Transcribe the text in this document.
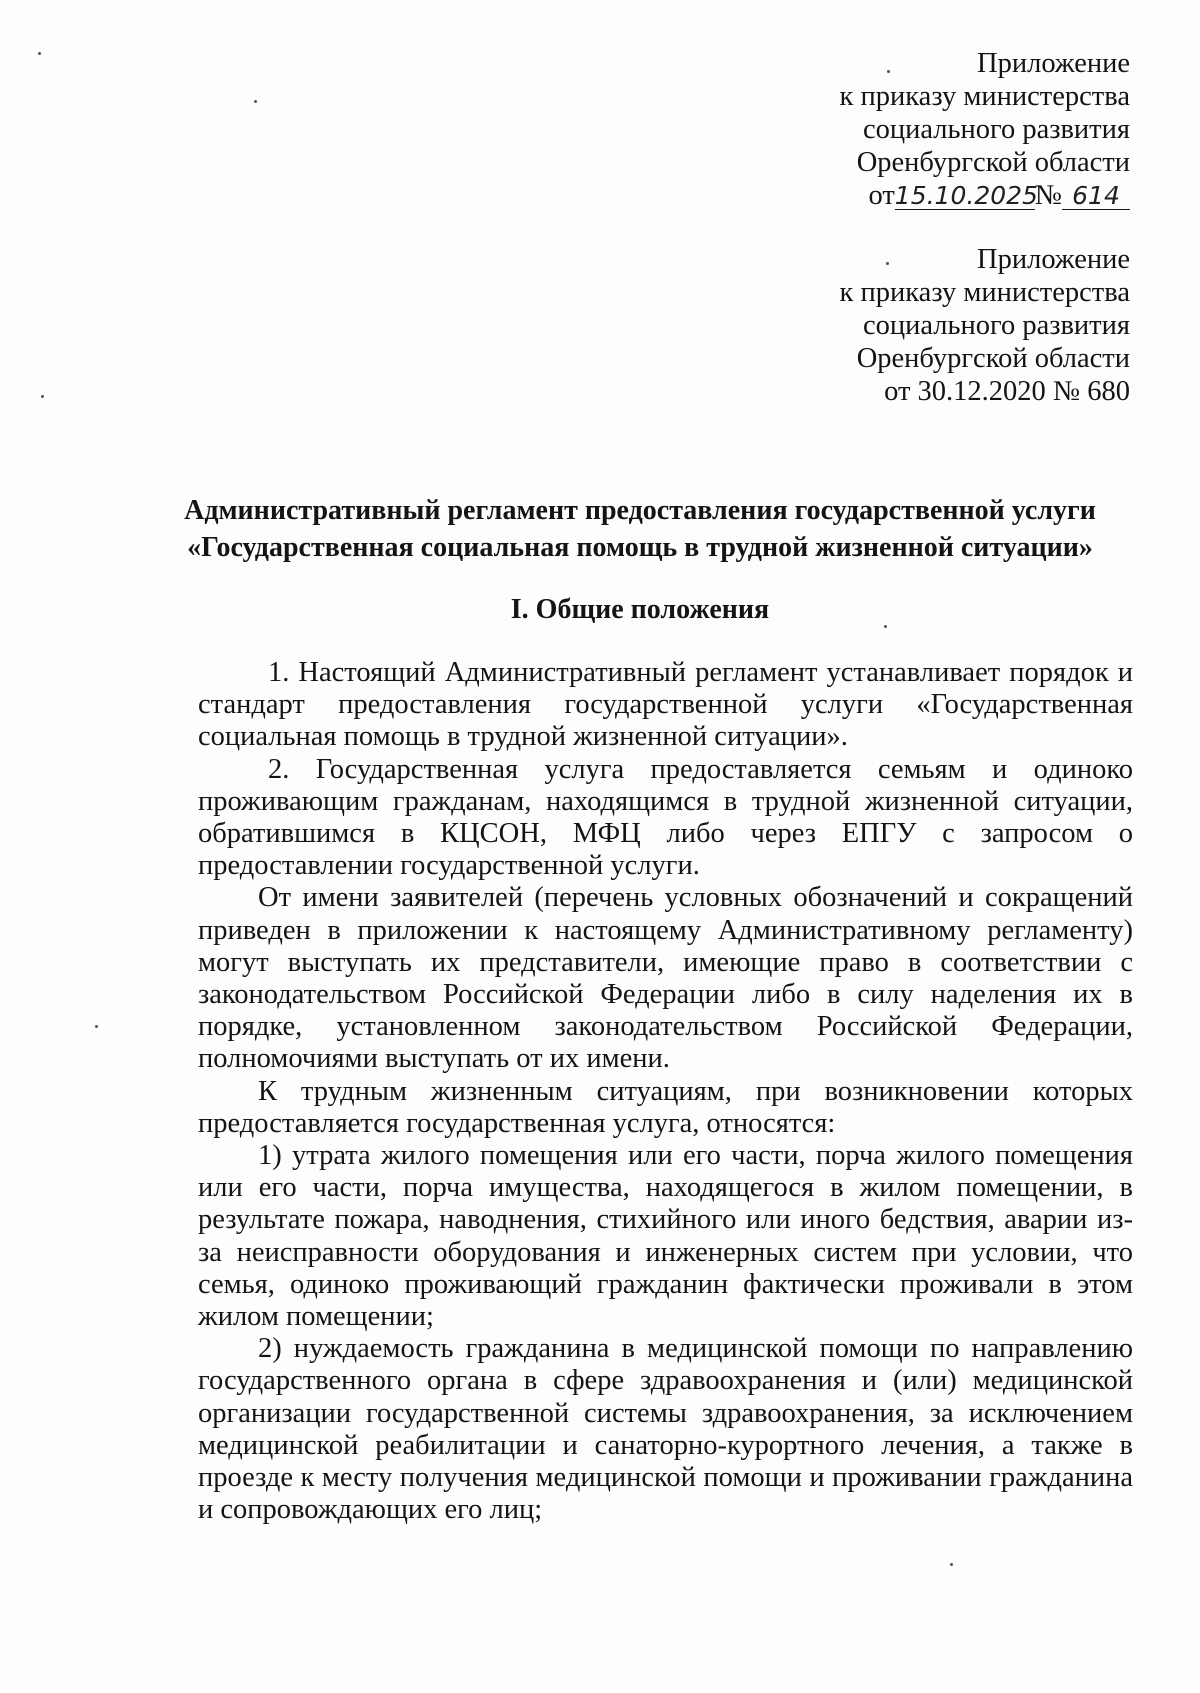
Приложение
к приказу министерства
социального развития
Оренбургской области
от15.10.2025№ 614
Приложение
к приказу министерства
социального развития
Оренбургской области
от 30.12.2020 № 680
Административный регламент предоставления государственной услуги
«Государственная социальная помощь в трудной жизненной ситуации»
I. Общие положения

1. Настоящий Административный регламент устанавливает порядок и стандарт предоставления государственной услуги «Государственная социальная помощь в трудной жизненной ситуации».

2. Государственная услуга предоставляется семьям и одиноко проживающим гражданам, находящимся в трудной жизненной ситуации, обратившимся в КЦСОН, МФЦ либо через ЕПГУ с запросом о предоставлении государственной услуги.

От имени заявителей (перечень условных обозначений и сокращений приведен в приложении к настоящему Административному регламенту) могут выступать их представители, имеющие право в соответствии с законодательством Российской Федерации либо в силу наделения их в порядке, установленном законодательством Российской Федерации, полномочиями выступать от их имени.

К трудным жизненным ситуациям, при возникновении которых предоставляется государственная услуга, относятся:

1) утрата жилого помещения или его части, порча жилого помещения или его части, порча имущества, находящегося в жилом помещении, в результате пожара, наводнения, стихийного или иного бедствия, аварии из-за неисправности оборудования и инженерных систем при условии, что семья, одиноко проживающий гражданин фактически проживали в этом жилом помещении;

2) нуждаемость гражданина в медицинской помощи по направлению государственного органа в сфере здравоохранения и (или) медицинской организации государственной системы здравоохранения, за исключением медицинской реабилитации и санаторно-курортного лечения, а также в проезде к месту получения медицинской помощи и проживании гражданина и сопровождающих его лиц;
